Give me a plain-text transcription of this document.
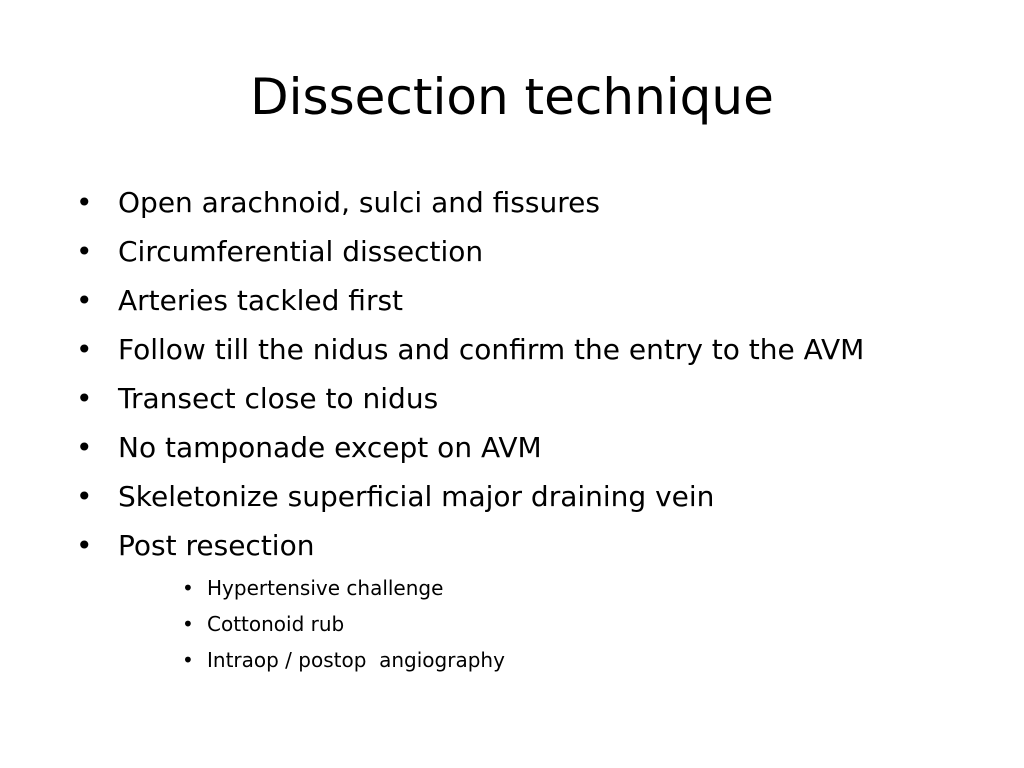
Dissection technique
• Open arachnoid, sulci and fissures
• Circumferential dissection
• Arteries tackled first
• Follow till the nidus and confirm the entry to the AVM
• Transect close to nidus
• No tamponade except on AVM
• Skeletonize superficial major draining vein
• Post resection
• Hypertensive challenge
• Cottonoid rub
• Intraop / postop  angiography
